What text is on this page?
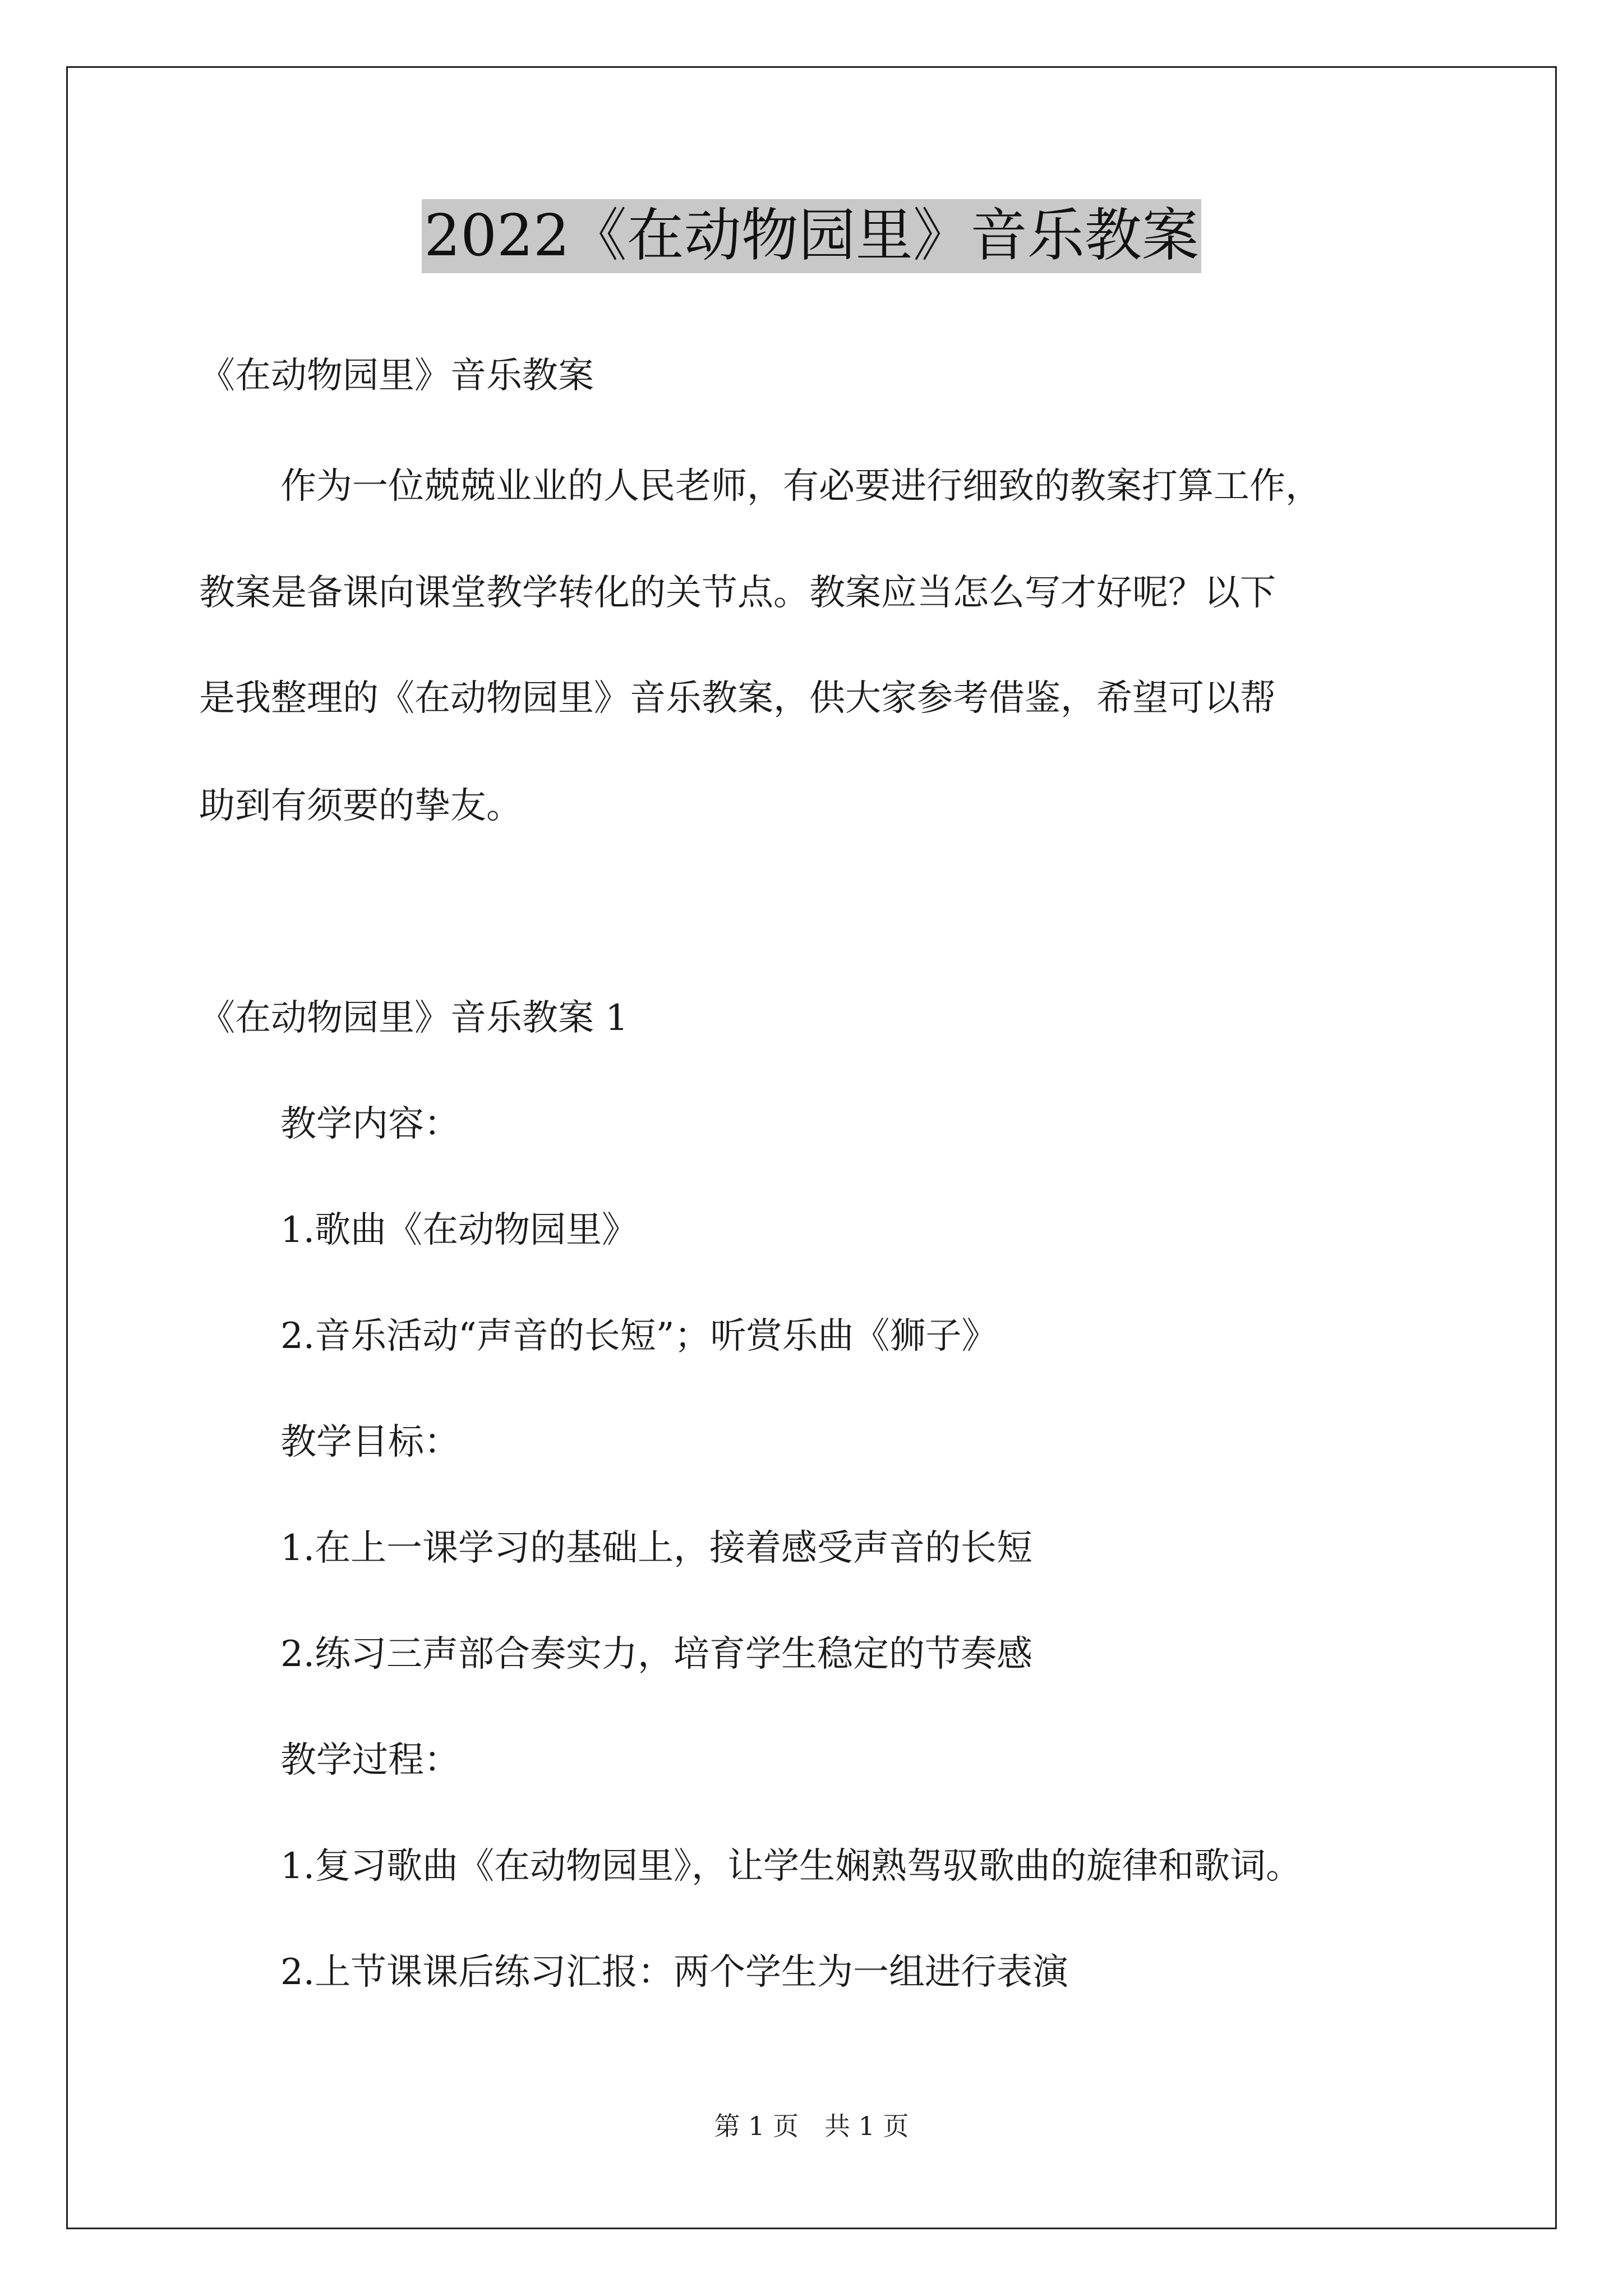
2022《在动物园里》音乐教案
《在动物园里》音乐教案
作为一位兢兢业业的人民老师，有必要进行细致的教案打算工作，
教案是备课向课堂教学转化的关节点。教案应当怎么写才好呢？以下
是我整理的《在动物园里》音乐教案，供大家参考借鉴，希望可以帮
助到有须要的挚友。
《在动物园里》音乐教案 1
教学内容：
1.歌曲《在动物园里》
2.音乐活动“声音的长短”；听赏乐曲《狮子》
教学目标：
1.在上一课学习的基础上，接着感受声音的长短
2.练习三声部合奏实力，培育学生稳定的节奏感
教学过程：
1.复习歌曲《在动物园里》，让学生娴熟驾驭歌曲的旋律和歌词。
2.上节课课后练习汇报：两个学生为一组进行表演
第 1 页　共 1 页
